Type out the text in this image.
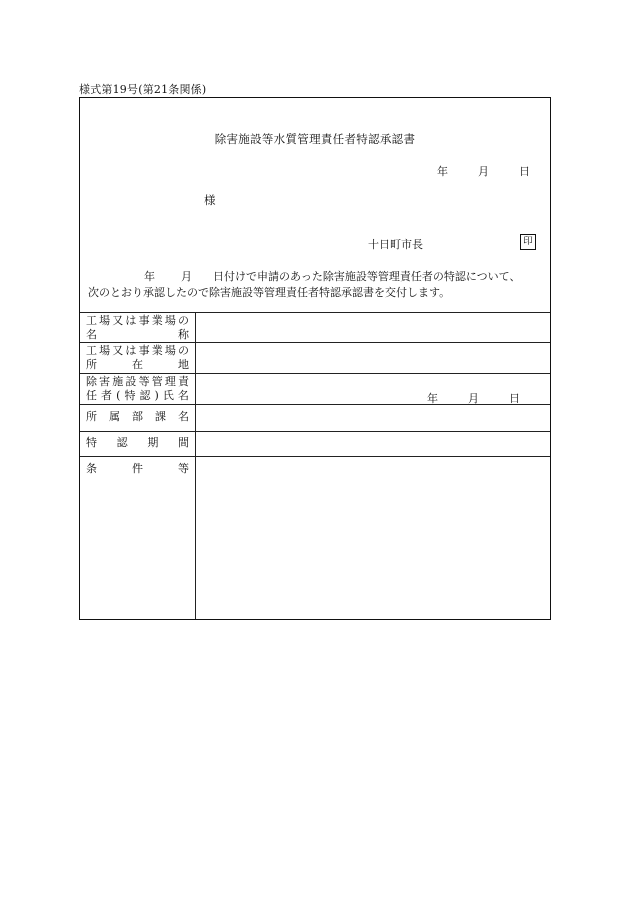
様式第19号(第21条関係)
除害施設等水質管理責任者特認承認書
年	月	日
様
十日町市長	印
年 月 日付けで申請のあった除害施設等管理責任者の特認について、
次のとおり承認したので除害施設等管理責任者特認承認書を交付します。
工 場 又 は 事 業 場 の
名	称
工 場 又 は 事 業 場 の
所	在	地
除 害 施 設 等 管 理 責
任 者 ( 特 認 ) 氏 名	年	月	日
所 属 部 課 名
特 認 期 間
条	件	等
